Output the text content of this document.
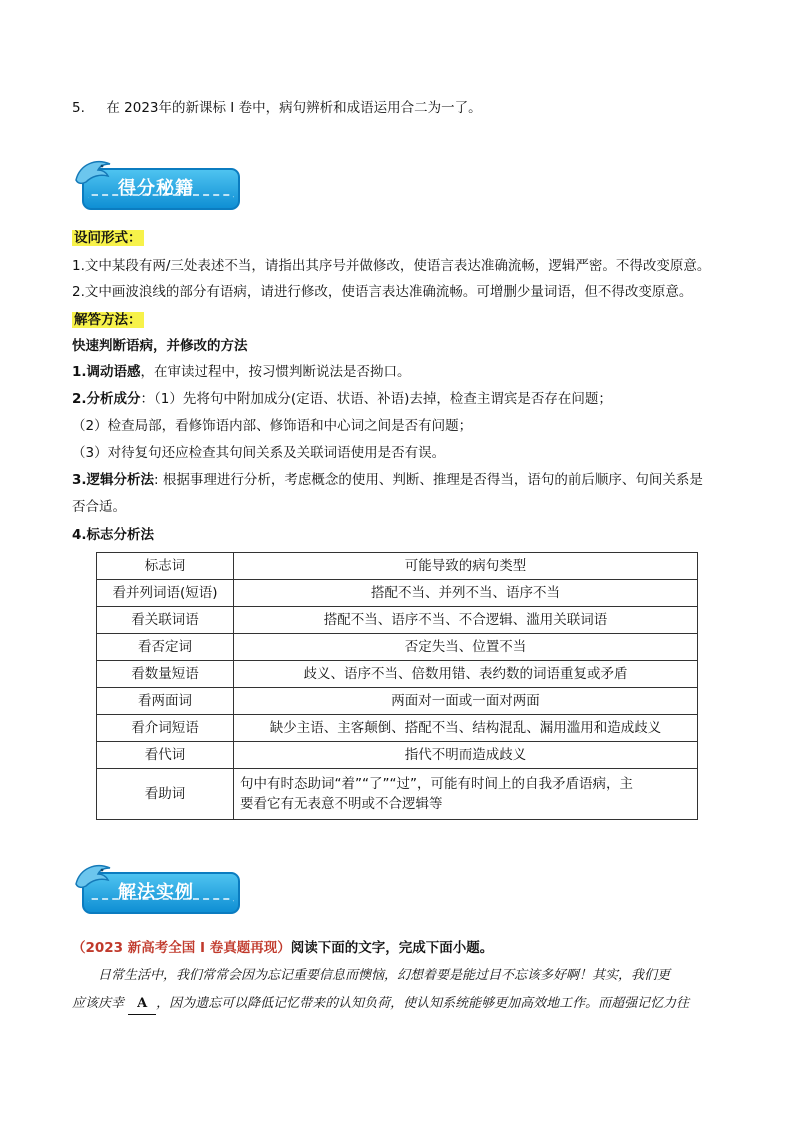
5. 在 2023年的新课标 I 卷中，病句辨析和成语运用合二为一了。
得分秘籍
设问形式：
1.文中某段有两/三处表述不当，请指出其序号并做修改，使语言表达准确流畅，逻辑严密。不得改变原意。
2.文中画波浪线的部分有语病，请进行修改，使语言表达准确流畅。可增删少量词语，但不得改变原意。
解答方法：
快速判断语病，并修改的方法
1.调动语感，在审读过程中，按习惯判断说法是否拗口。
2.分析成分：（1）先将句中附加成分(定语、状语、补语)去掉，检查主谓宾是否存在问题；
（2）检查局部，看修饰语内部、修饰语和中心词之间是否有问题；
（3）对待复句还应检查其句间关系及关联词语使用是否有误。
3.逻辑分析法: 根据事理进行分析，考虑概念的使用、判断、推理是否得当，语句的前后顺序、句间关系是
否合适。
4.标志分析法
标志词	可能导致的病句类型
看并列词语(短语)	搭配不当、并列不当、语序不当
看关联词语	搭配不当、语序不当、不合逻辑、滥用关联词语
看否定词	否定失当、位置不当
看数量短语	歧义、语序不当、倍数用错、表约数的词语重复或矛盾
看两面词	两面对一面或一面对两面
看介词短语	缺少主语、主客颠倒、搭配不当、结构混乱、漏用滥用和造成歧义
看代词	指代不明而造成歧义
看助词	句中有时态助词“着”“了”“过”，可能有时间上的自我矛盾语病，主
要看它有无表意不明或不合逻辑等
解法实例
（2023 新高考全国 I 卷真题再现）阅读下面的文字，完成下面小题。
日常生活中，我们常常会因为忘记重要信息而懊恼，幻想着要是能过目不忘该多好啊！其实，我们更
应该庆幸 A ，因为遗忘可以降低记忆带来的认知负荷，使认知系统能够更加高效地工作。而超强记忆力往
